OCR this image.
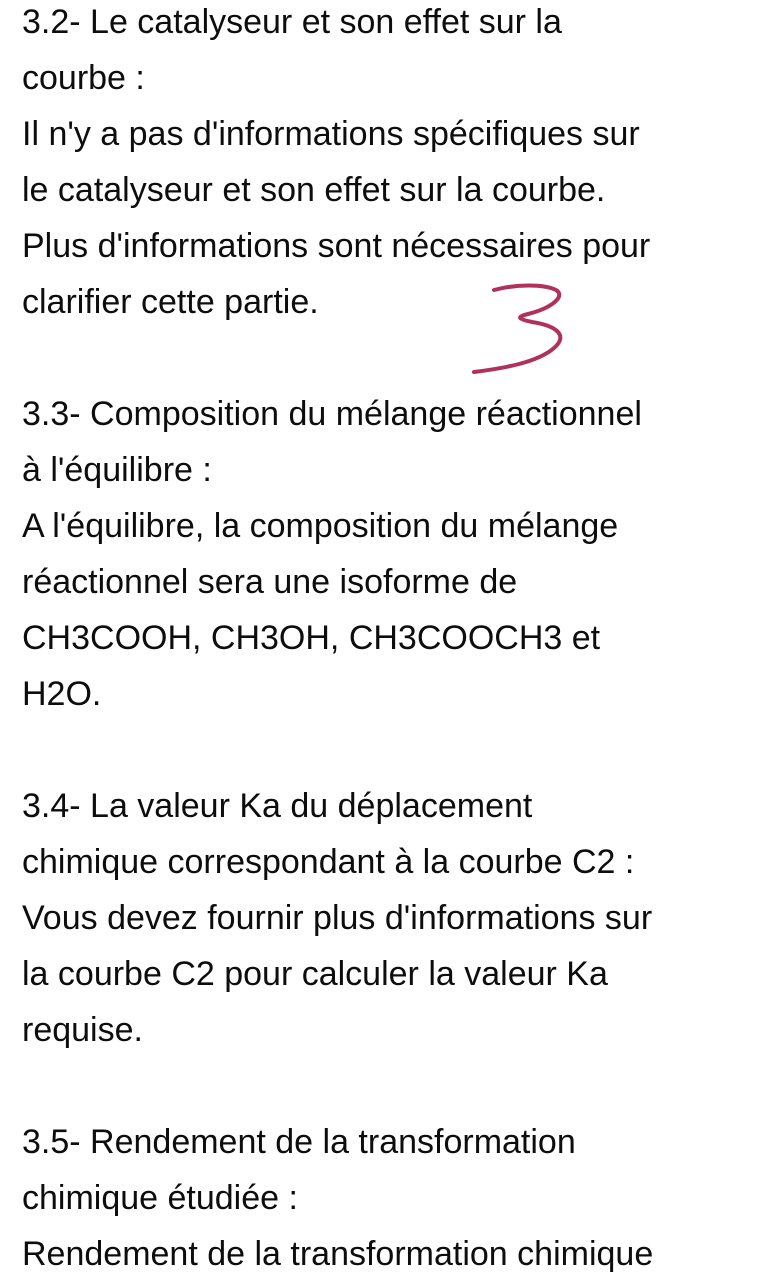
3.2- Le catalyseur et son effet sur la
courbe :
Il n'y a pas d'informations spécifiques sur
le catalyseur et son effet sur la courbe.
Plus d'informations sont nécessaires pour
clarifier cette partie.
3.3- Composition du mélange réactionnel
à l'équilibre :
A l'équilibre, la composition du mélange
réactionnel sera une isoforme de
CH3COOH, CH3OH, CH3COOCH3 et
H2O.
3.4- La valeur Ka du déplacement
chimique correspondant à la courbe C2 :
Vous devez fournir plus d'informations sur
la courbe C2 pour calculer la valeur Ka
requise.
3.5- Rendement de la transformation
chimique étudiée :
Rendement de la transformation chimique
